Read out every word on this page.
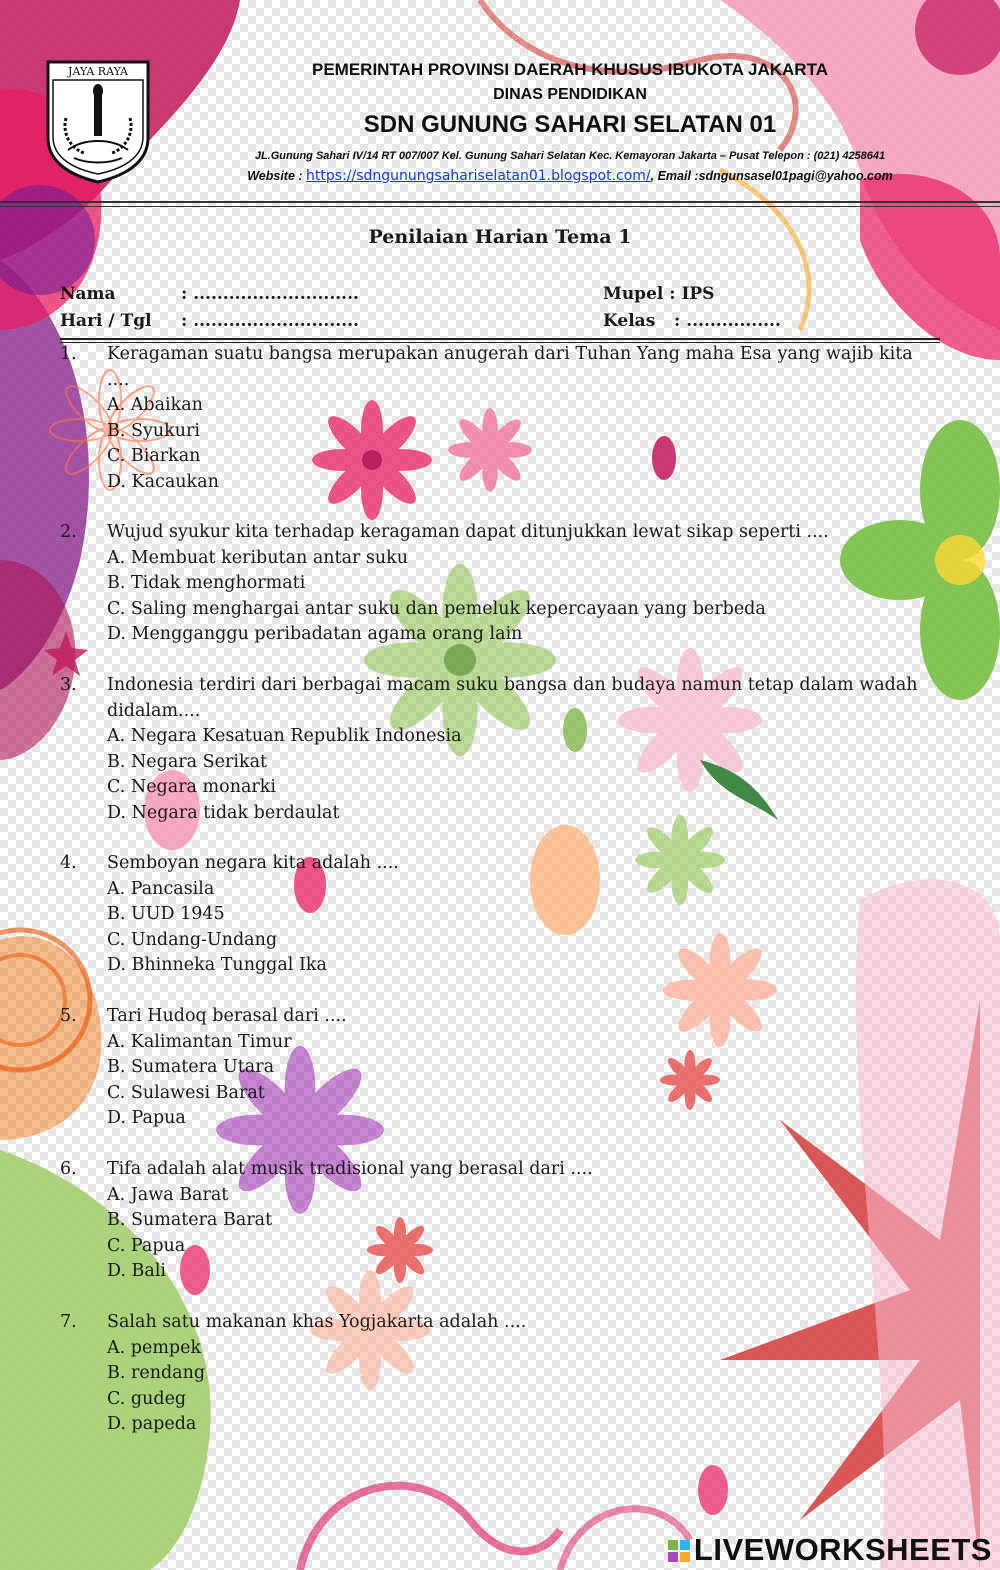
JAYA RAYA	PEMERINTAH PROVINSI DAERAH KHUSUS IBUKOTA JAKARTA
DINAS PENDIDIKAN
SDN GUNUNG SAHARI SELATAN 01
JL.Gunung Sahari IV/14 RT 007/007 Kel. Gunung Sahari Selatan Kec. Kemayoran Jakarta – Pusat Telepon : (021) 4258641
Website : https://sdngunungsahariselatan01.blogspot.com/, Email :sdngunsasel01pagi@yahoo.com
Penilaian Harian Tema 1
Nama	: ............................
Hari / Tgl : ............................
Mupel : IPS
Kelas : ................
1. Keragaman suatu bangsa merupakan anugerah dari Tuhan Yang maha Esa yang wajib kita ....
A. Abaikan
B. Syukuri
C. Biarkan
D. Kacaukan
2. Wujud syukur kita terhadap keragaman dapat ditunjukkan lewat sikap seperti ....
A. Membuat keributan antar suku
B. Tidak menghormati
C. Saling menghargai antar suku dan pemeluk kepercayaan yang berbeda
D. Mengganggu peribadatan agama orang lain
3. Indonesia terdiri dari berbagai macam suku bangsa dan budaya namun tetap dalam wadah didalam....
A. Negara Kesatuan Republik Indonesia
B. Negara Serikat
C. Negara monarki
D. Negara tidak berdaulat
4. Semboyan negara kita adalah ....
A. Pancasila
B. UUD 1945
C. Undang-Undang
D. Bhinneka Tunggal Ika
5. Tari Hudoq berasal dari ....
A. Kalimantan Timur
B. Sumatera Utara
C. Sulawesi Barat
D. Papua
6. Tifa adalah alat musik tradisional yang berasal dari ....
A. Jawa Barat
B. Sumatera Barat
C. Papua
D. Bali
7. Salah satu makanan khas Yogjakarta adalah ....
A. pempek
B. rendang
C. gudeg
D. papeda
LIVEWORKSHEETS
